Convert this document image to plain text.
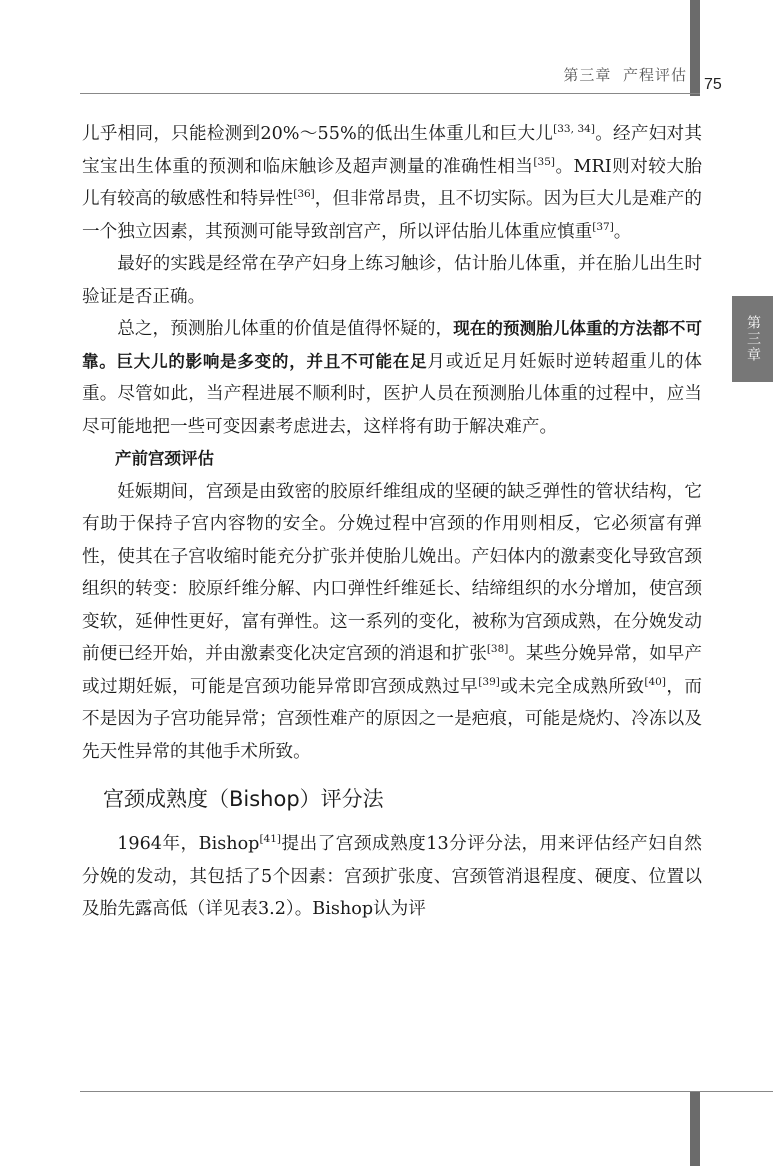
第三章 产程评估
75
第三章

儿乎相同，只能检测到20%～55%的低出生体重儿和巨大儿[33, 34]。经产妇对其宝宝出生体重的预测和临床触诊及超声测量的准确性相当[35]。MRI则对较大胎儿有较高的敏感性和特异性[36]，但非常昂贵，且不切实际。因为巨大儿是难产的一个独立因素，其预测可能导致剖宫产，所以评估胎儿体重应慎重[37]。

最好的实践是经常在孕产妇身上练习触诊，估计胎儿体重，并在胎儿出生时验证是否正确。

总之，预测胎儿体重的价值是值得怀疑的，现在的预测胎儿体重的方法都不可靠。巨大儿的影响是多变的，并且不可能在足月或近足月妊娠时逆转超重儿的体重。尽管如此，当产程进展不顺利时，医护人员在预测胎儿体重的过程中，应当尽可能地把一些可变因素考虑进去，这样将有助于解决难产。

产前宫颈评估

妊娠期间，宫颈是由致密的胶原纤维组成的坚硬的缺乏弹性的管状结构，它有助于保持子宫内容物的安全。分娩过程中宫颈的作用则相反，它必须富有弹性，使其在子宫收缩时能充分扩张并使胎儿娩出。产妇体内的激素变化导致宫颈组织的转变：胶原纤维分解、内口弹性纤维延长、结缔组织的水分增加，使宫颈变软，延伸性更好，富有弹性。这一系列的变化，被称为宫颈成熟，在分娩发动前便已经开始，并由激素变化决定宫颈的消退和扩张[38]。某些分娩异常，如早产或过期妊娠，可能是宫颈功能异常即宫颈成熟过早[39]或未完全成熟所致[40]，而不是因为子宫功能异常；宫颈性难产的原因之一是疤痕，可能是烧灼、冷冻以及先天性异常的其他手术所致。

宫颈成熟度（Bishop）评分法

1964年，Bishop[41]提出了宫颈成熟度13分评分法，用来评估经产妇自然分娩的发动，其包括了5个因素：宫颈扩张度、宫颈管消退程度、硬度、位置以及胎先露高低（详见表3.2）。Bishop认为评
